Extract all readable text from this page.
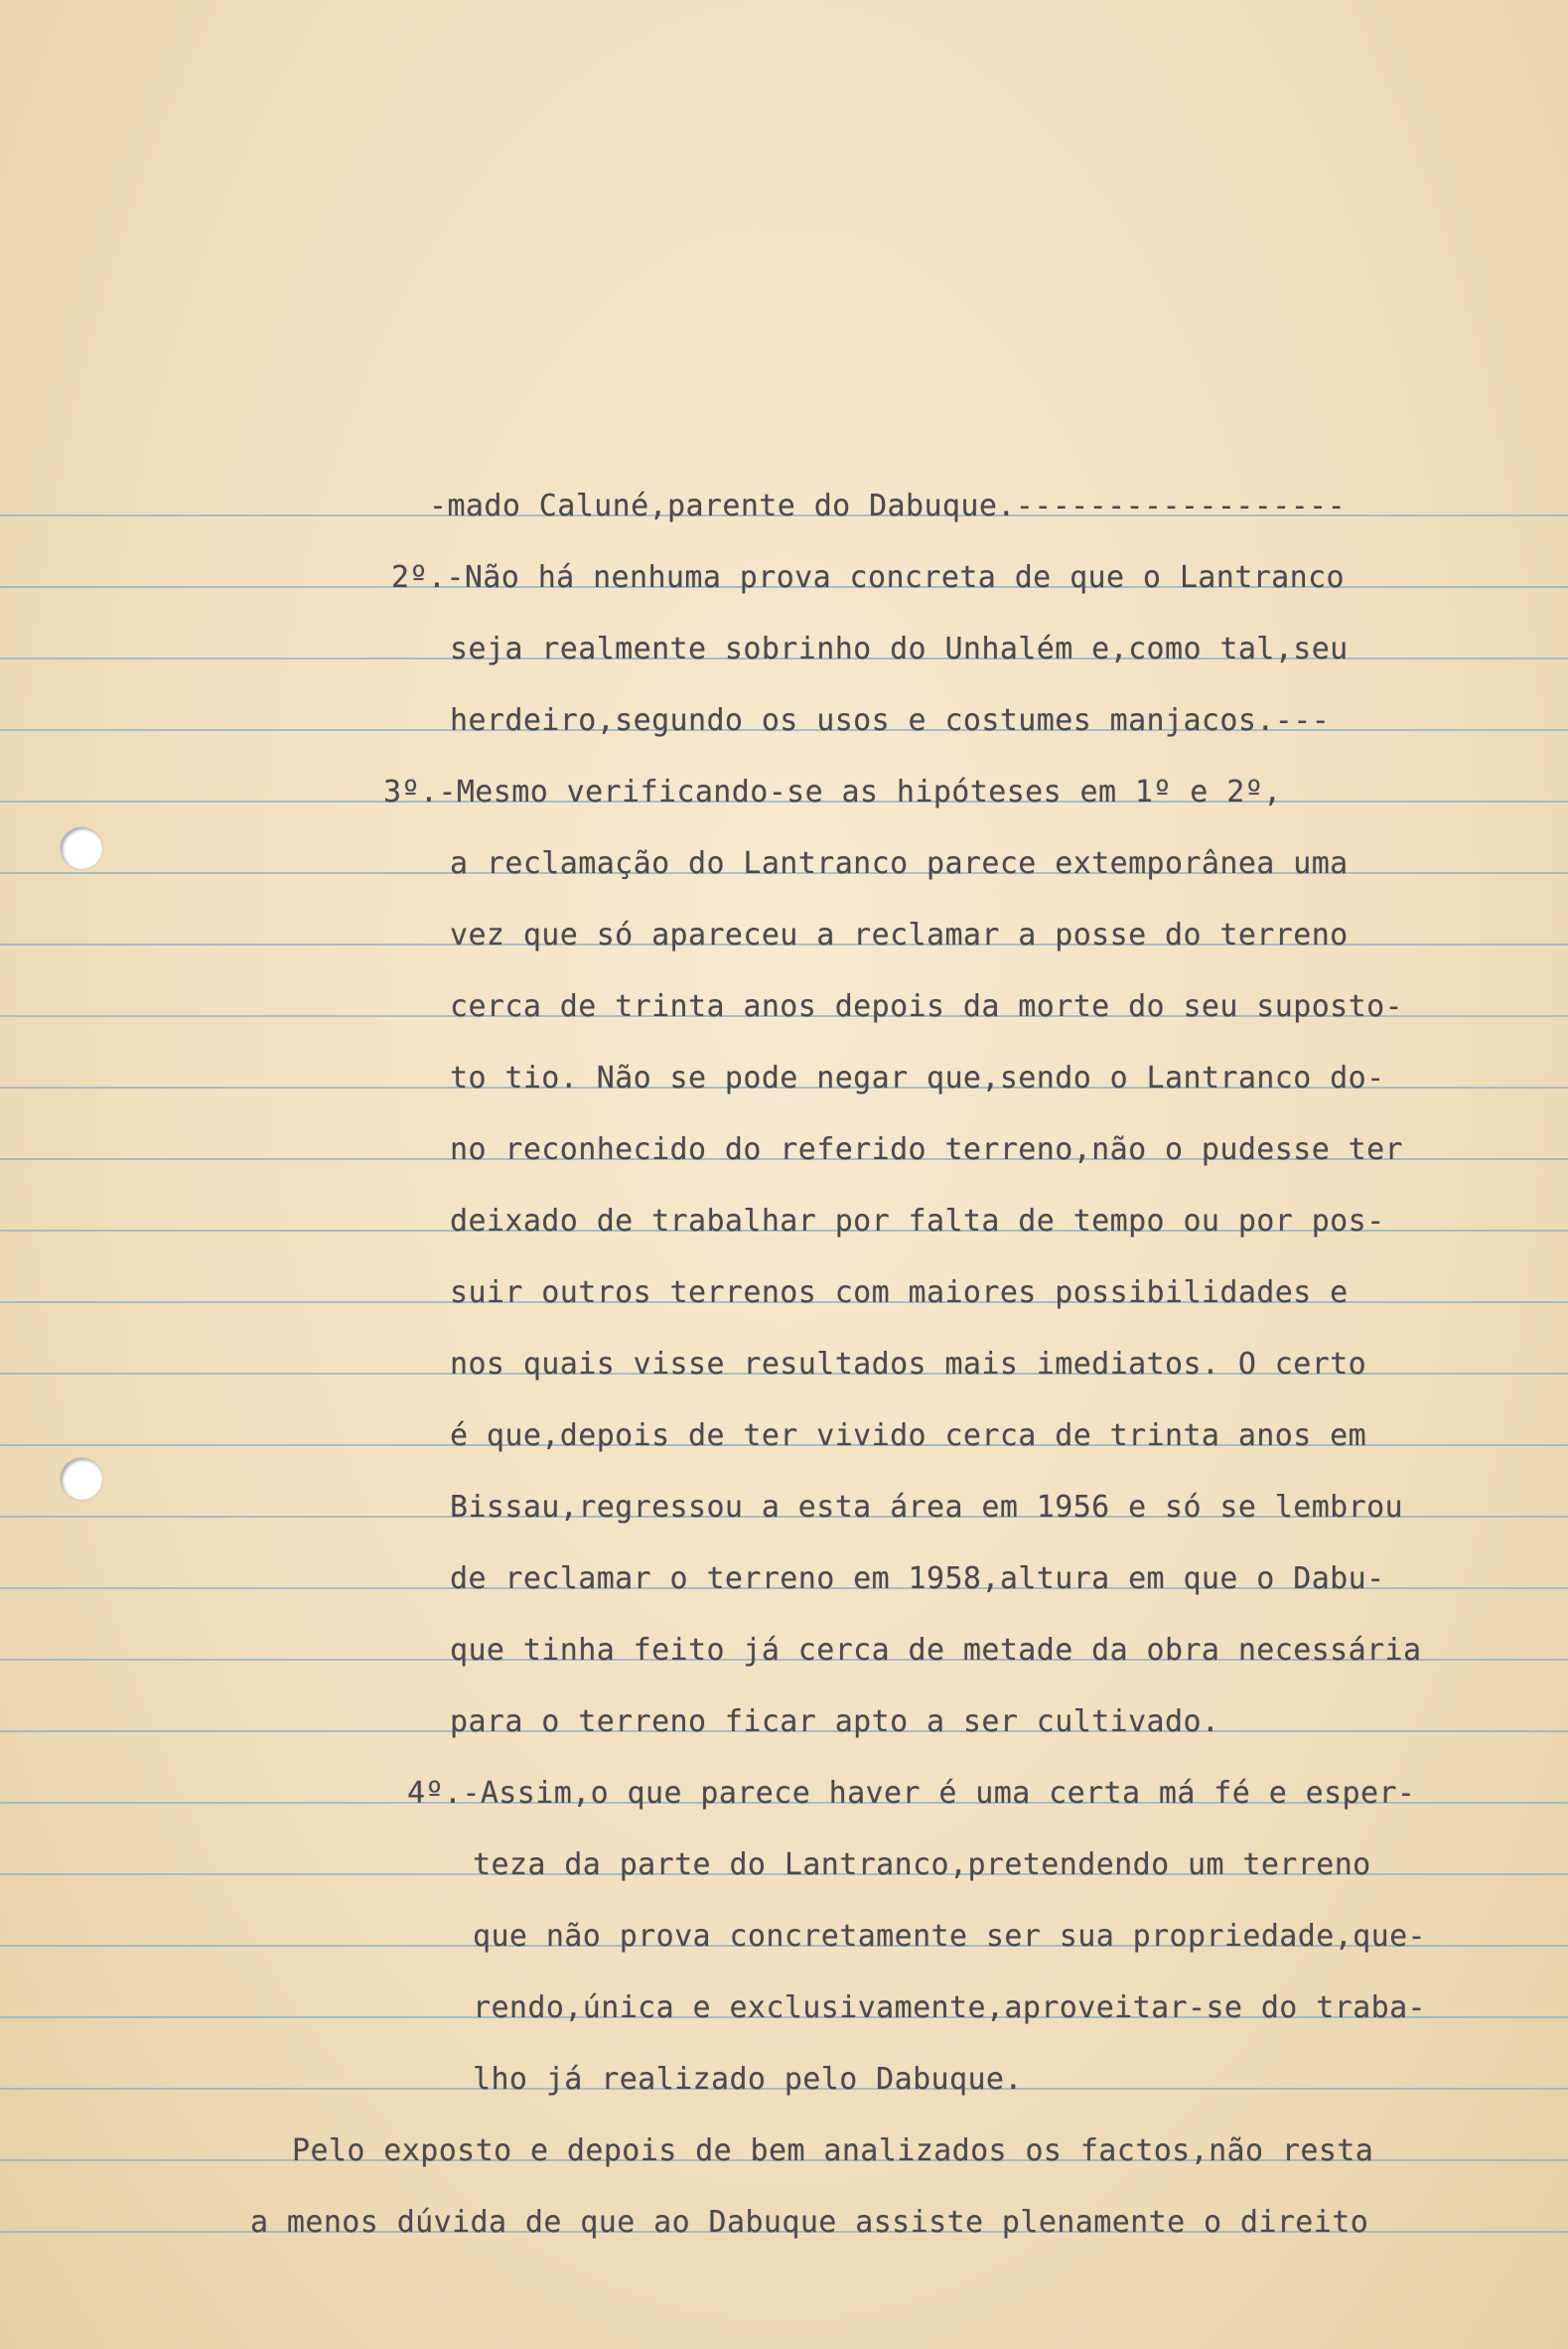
-mado Caluné,parente do Dabuque.------------------
2º.-Não há nenhuma prova concreta de que o Lantranco
seja realmente sobrinho do Unhalém e,como tal,seu
herdeiro,segundo os usos e costumes manjacos.---
3º.-Mesmo verificando-se as hipóteses em 1º e 2º,
a reclamação do Lantranco parece extemporânea uma
vez que só apareceu a reclamar a posse do terreno
cerca de trinta anos depois da morte do seu suposto-
to tio. Não se pode negar que,sendo o Lantranco do-
no reconhecido do referido terreno,não o pudesse ter
deixado de trabalhar por falta de tempo ou por pos-
suir outros terrenos com maiores possibilidades e
nos quais visse resultados mais imediatos. O certo
é que,depois de ter vivido cerca de trinta anos em
Bissau,regressou a esta área em 1956 e só se lembrou
de reclamar o terreno em 1958,altura em que o Dabu-
que tinha feito já cerca de metade da obra necessária
para o terreno ficar apto a ser cultivado.
4º.-Assim,o que parece haver é uma certa má fé e esper-
teza da parte do Lantranco,pretendendo um terreno
que não prova concretamente ser sua propriedade,que-
rendo,única e exclusivamente,aproveitar-se do traba-
lho já realizado pelo Dabuque.
Pelo exposto e depois de bem analizados os factos,não resta
a menos dúvida de que ao Dabuque assiste plenamente o direito
